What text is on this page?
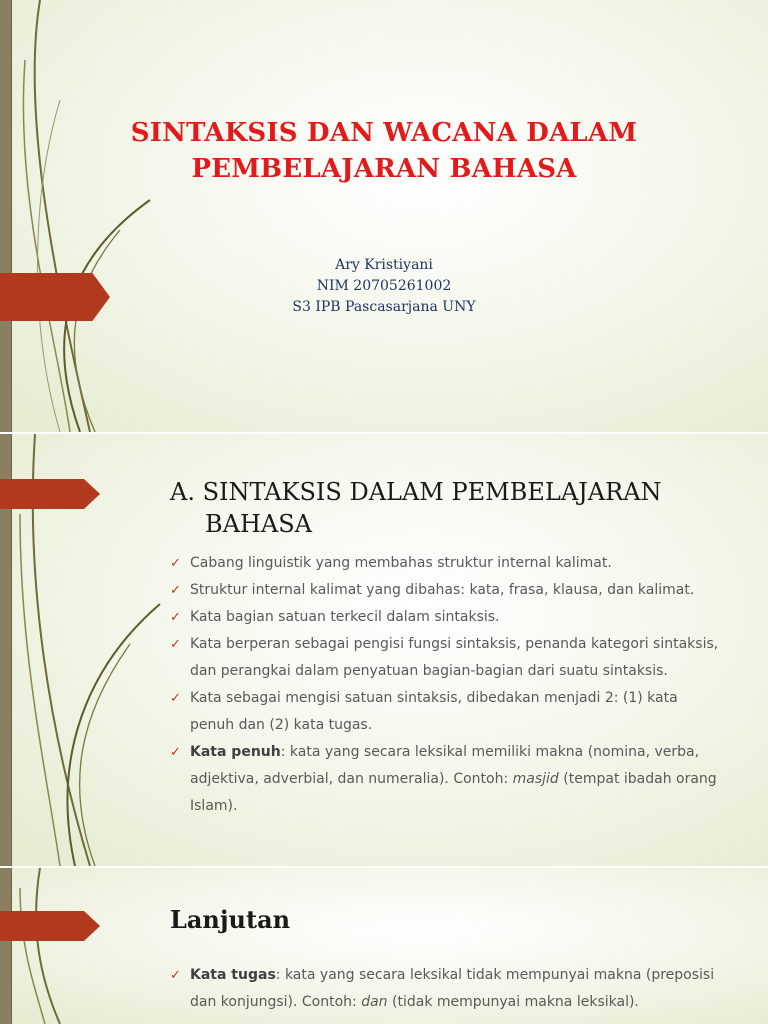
SINTAKSIS DAN WACANA DALAM
PEMBELAJARAN BAHASA
Ary Kristiyani
NIM 20705261002
S3 IPB Pascasarjana UNY
A. SINTAKSIS DALAM PEMBELAJARAN
BAHASA
✓ Cabang linguistik yang membahas struktur internal kalimat.
✓ Struktur internal kalimat yang dibahas: kata, frasa, klausa, dan kalimat.
✓ Kata bagian satuan terkecil dalam sintaksis.
✓ Kata berperan sebagai pengisi fungsi sintaksis, penanda kategori sintaksis, dan perangkai dalam penyatuan bagian-bagian dari suatu sintaksis.
✓ Kata sebagai mengisi satuan sintaksis, dibedakan menjadi 2: (1) kata penuh dan (2) kata tugas.
✓ Kata penuh: kata yang secara leksikal memiliki makna (nomina, verba, adjektiva, adverbial, dan numeralia). Contoh: masjid (tempat ibadah orang Islam).
Lanjutan
✓ Kata tugas: kata yang secara leksikal tidak mempunyai makna (preposisi dan konjungsi). Contoh: dan (tidak mempunyai makna leksikal).
